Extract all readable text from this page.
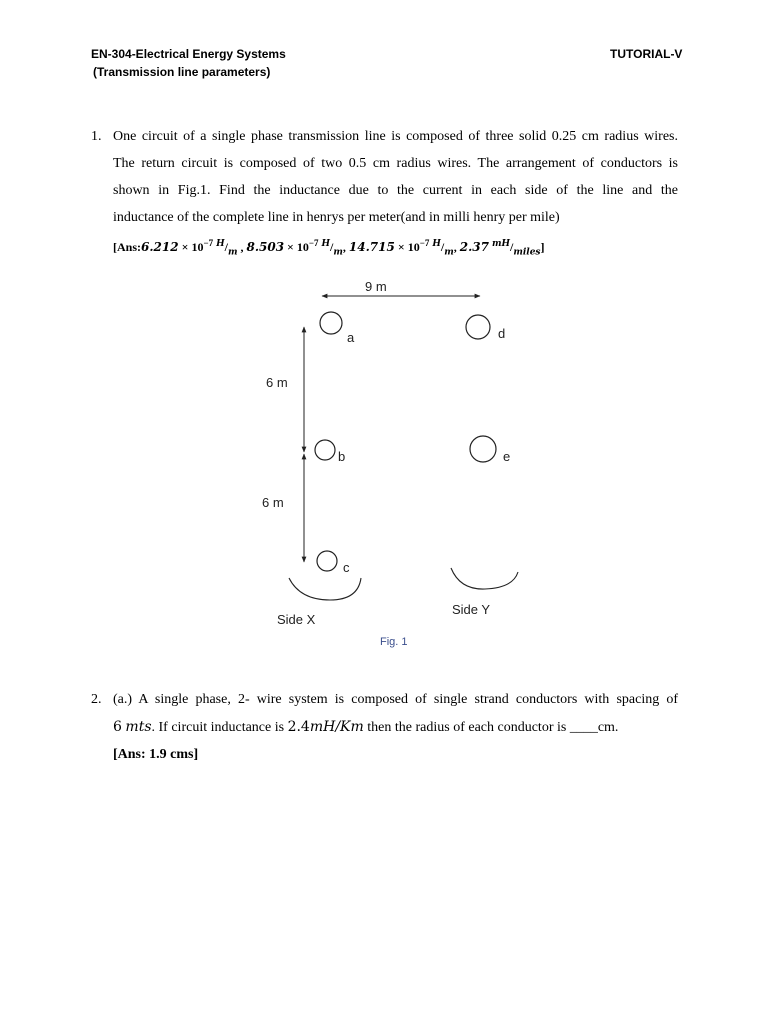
EN-304-Electrical Energy Systems
(Transmission line parameters)
TUTORIAL-V
1. One circuit of a single phase transmission line is composed of three solid 0.25 cm radius wires.
The return circuit is composed of two 0.5 cm radius wires. The arrangement of conductors is
shown in Fig.1. Find the inductance due to the current in each side of the line and the
inductance of the complete line in henrys per meter(and in milli henry per mile)
[Ans:6.212 × $10^{-7}$ $^H/_m$ , $8.503 \times 10^{-7}$ $^H/_m$, $14.715 \times 10^{-7}$ $^H/_m$, 2.37 $^{mH}/_{miles}$]
9 m
6 m
6 m
a	d
b	e
c
Side X
Side Y
Fig. 1
2. (a.) A single phase, 2- wire system is composed of single strand conductors with spacing of
6 mts. If circuit inductance is 2.4mH/Km then the radius of each conductor is ____cm.
[Ans: 1.9 cms]
